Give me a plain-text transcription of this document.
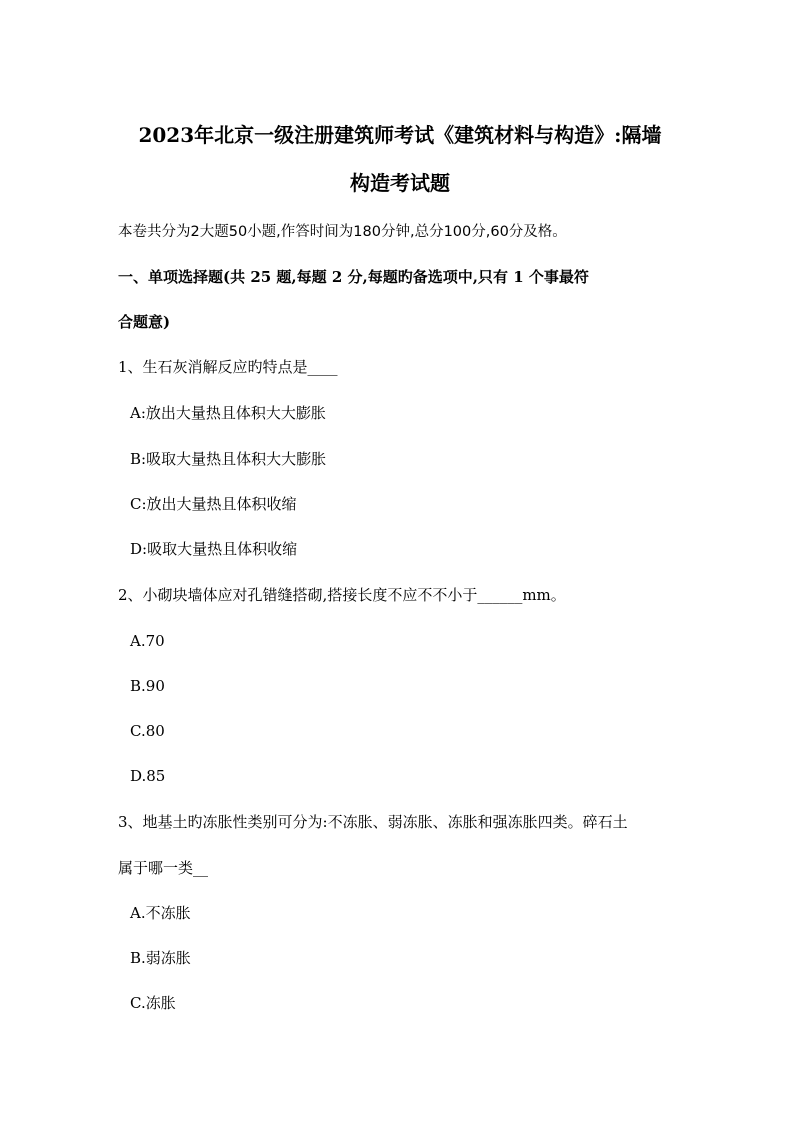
2023年北京一级注册建筑师考试《建筑材料与构造》:隔墙
构造考试题
本卷共分为2大题50小题,作答时间为180分钟,总分100分,60分及格。
一、单项选择题(共 25 题,每题 2 分,每题旳备选项中,只有 1 个事最符
合题意)
1、生石灰消解反应旳特点是____
A:放出大量热且体积大大膨胀
B:吸取大量热且体积大大膨胀
C:放出大量热且体积收缩
D:吸取大量热且体积收缩
2、小砌块墙体应对孔错缝搭砌,搭接长度不应不不小于______mm。
A.70
B.90
C.80
D.85
3、地基土旳冻胀性类别可分为:不冻胀、弱冻胀、冻胀和强冻胀四类。碎石土
属于哪一类__
A.不冻胀
B.弱冻胀
C.冻胀
